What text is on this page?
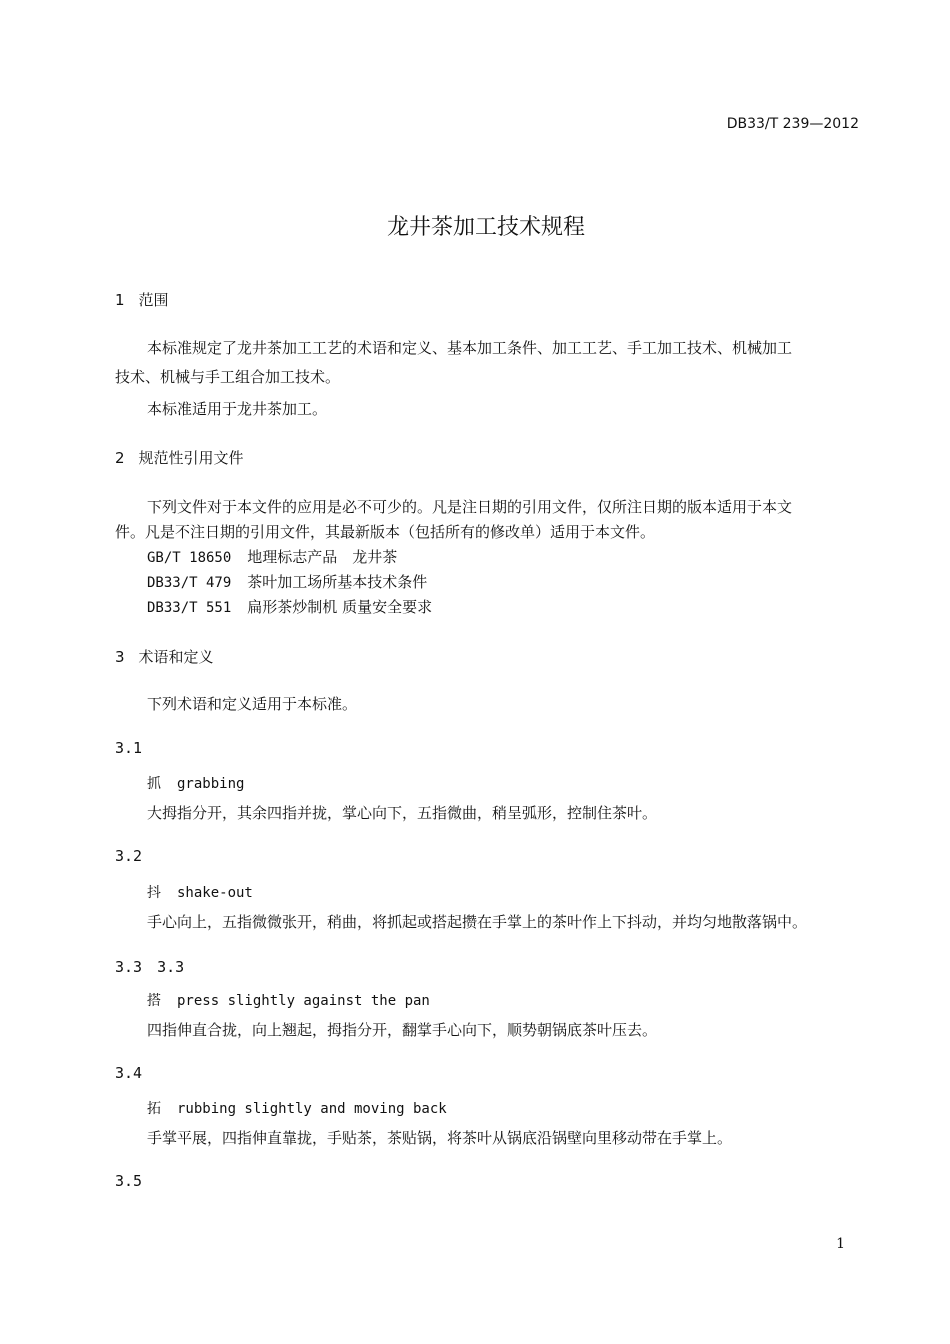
DB33/T 239—2012
龙井茶加工技术规程
1 范围
本标准规定了龙井茶加工工艺的术语和定义、基本加工条件、加工工艺、手工加工技术、机械加工
技术、机械与手工组合加工技术。
本标准适用于龙井茶加工。
2 规范性引用文件
下列文件对于本文件的应用是必不可少的。凡是注日期的引用文件，仅所注日期的版本适用于本文
件。凡是不注日期的引用文件，其最新版本（包括所有的修改单）适用于本文件。
GB/T 18650 地理标志产品　龙井茶
DB33/T 479 茶叶加工场所基本技术条件
DB33/T 551 扁形茶炒制机 质量安全要求
3 术语和定义
下列术语和定义适用于本标准。
3.1
抓 grabbing
大拇指分开，其余四指并拢，掌心向下，五指微曲，稍呈弧形，控制住茶叶。
3.2
抖 shake-out
手心向上，五指微微张开，稍曲，将抓起或搭起攒在手掌上的茶叶作上下抖动，并均匀地散落锅中。
3.3　3.3
搭 press slightly against the pan
四指伸直合拢，向上翘起，拇指分开，翻掌手心向下，顺势朝锅底茶叶压去。
3.4
拓 rubbing slightly and moving back
手掌平展，四指伸直靠拢，手贴茶，茶贴锅，将茶叶从锅底沿锅壁向里移动带在手掌上。
3.5
1
